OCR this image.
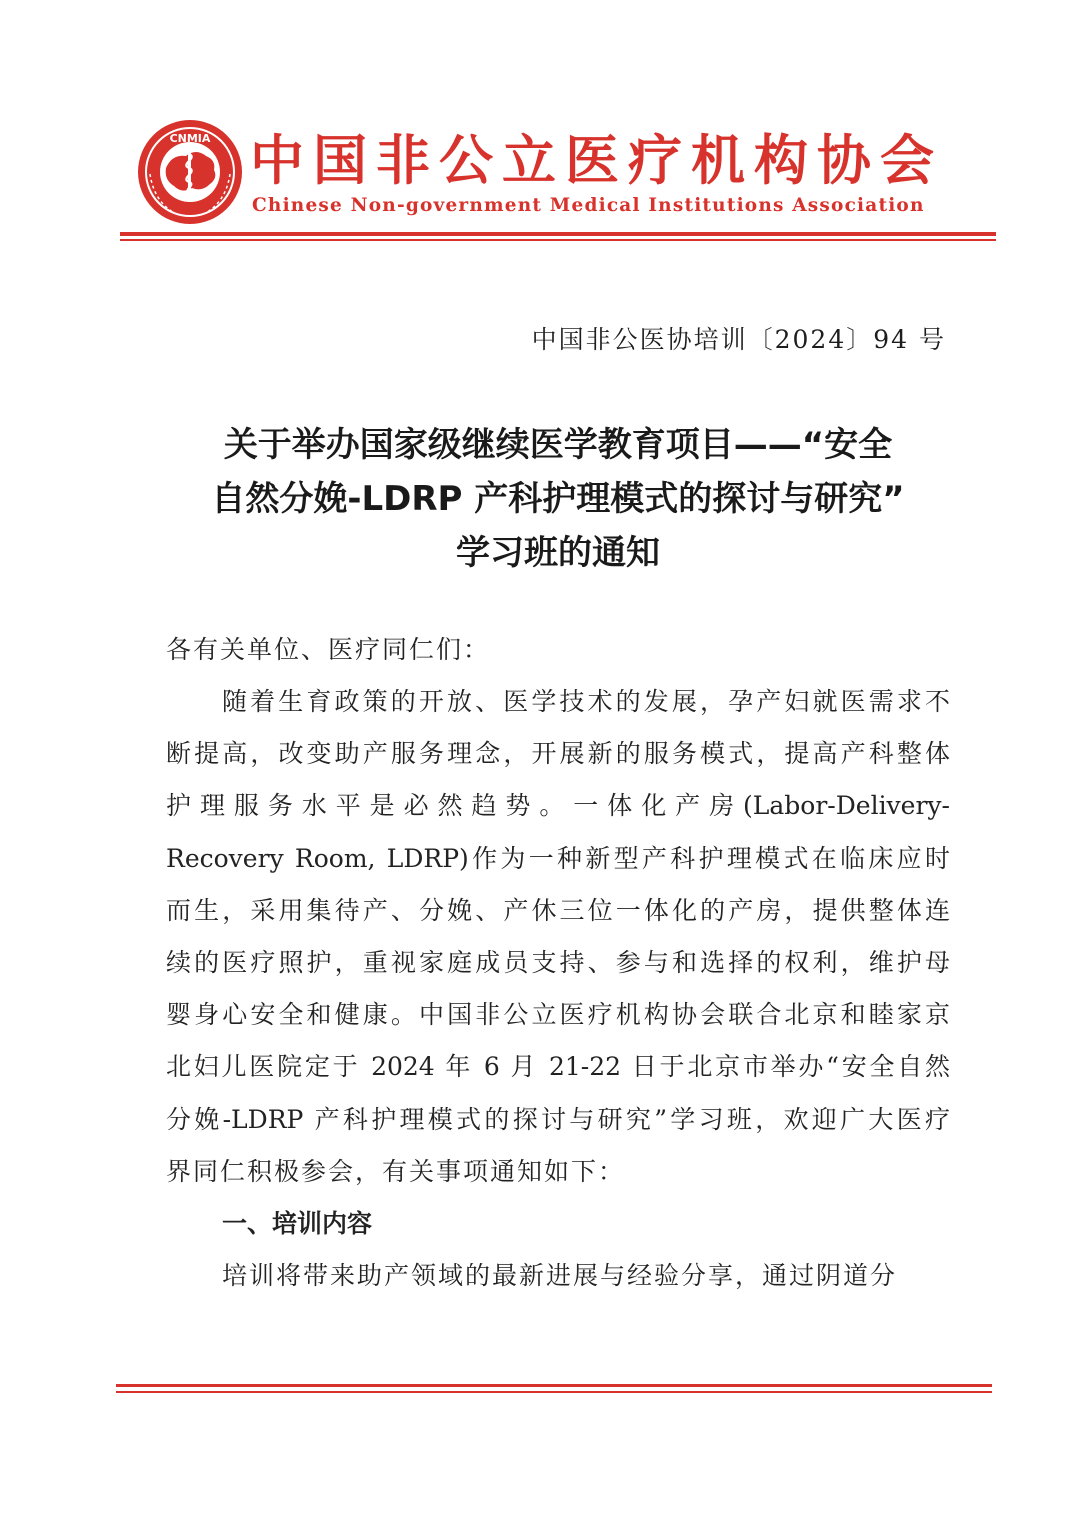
CNMIA 中国非公立医疗机构协会
Chinese Non-government Medical Institutions Association
中国非公医协培训〔2024〕94 号
关于举办国家级继续医学教育项目——“安全
自然分娩-LDRP 产科护理模式的探讨与研究”
学习班的通知
各有关单位、医疗同仁们：
随着生育政策的开放、医学技术的发展，孕产妇就医需求不
断提高，改变助产服务理念，开展新的服务模式，提高产科整体
护理服务水平是必然趋势。一体化产房(Labor-Delivery-
Recovery Room, LDRP)作为一种新型产科护理模式在临床应时
而生，采用集待产、分娩、产休三位一体化的产房，提供整体连
续的医疗照护，重视家庭成员支持、参与和选择的权利，维护母
婴身心安全和健康。中国非公立医疗机构协会联合北京和睦家京
北妇儿医院定于 2024 年 6 月 21-22 日于北京市举办“安全自然
分娩-LDRP 产科护理模式的探讨与研究”学习班，欢迎广大医疗
界同仁积极参会，有关事项通知如下：
一、培训内容
培训将带来助产领域的最新进展与经验分享，通过阴道分
